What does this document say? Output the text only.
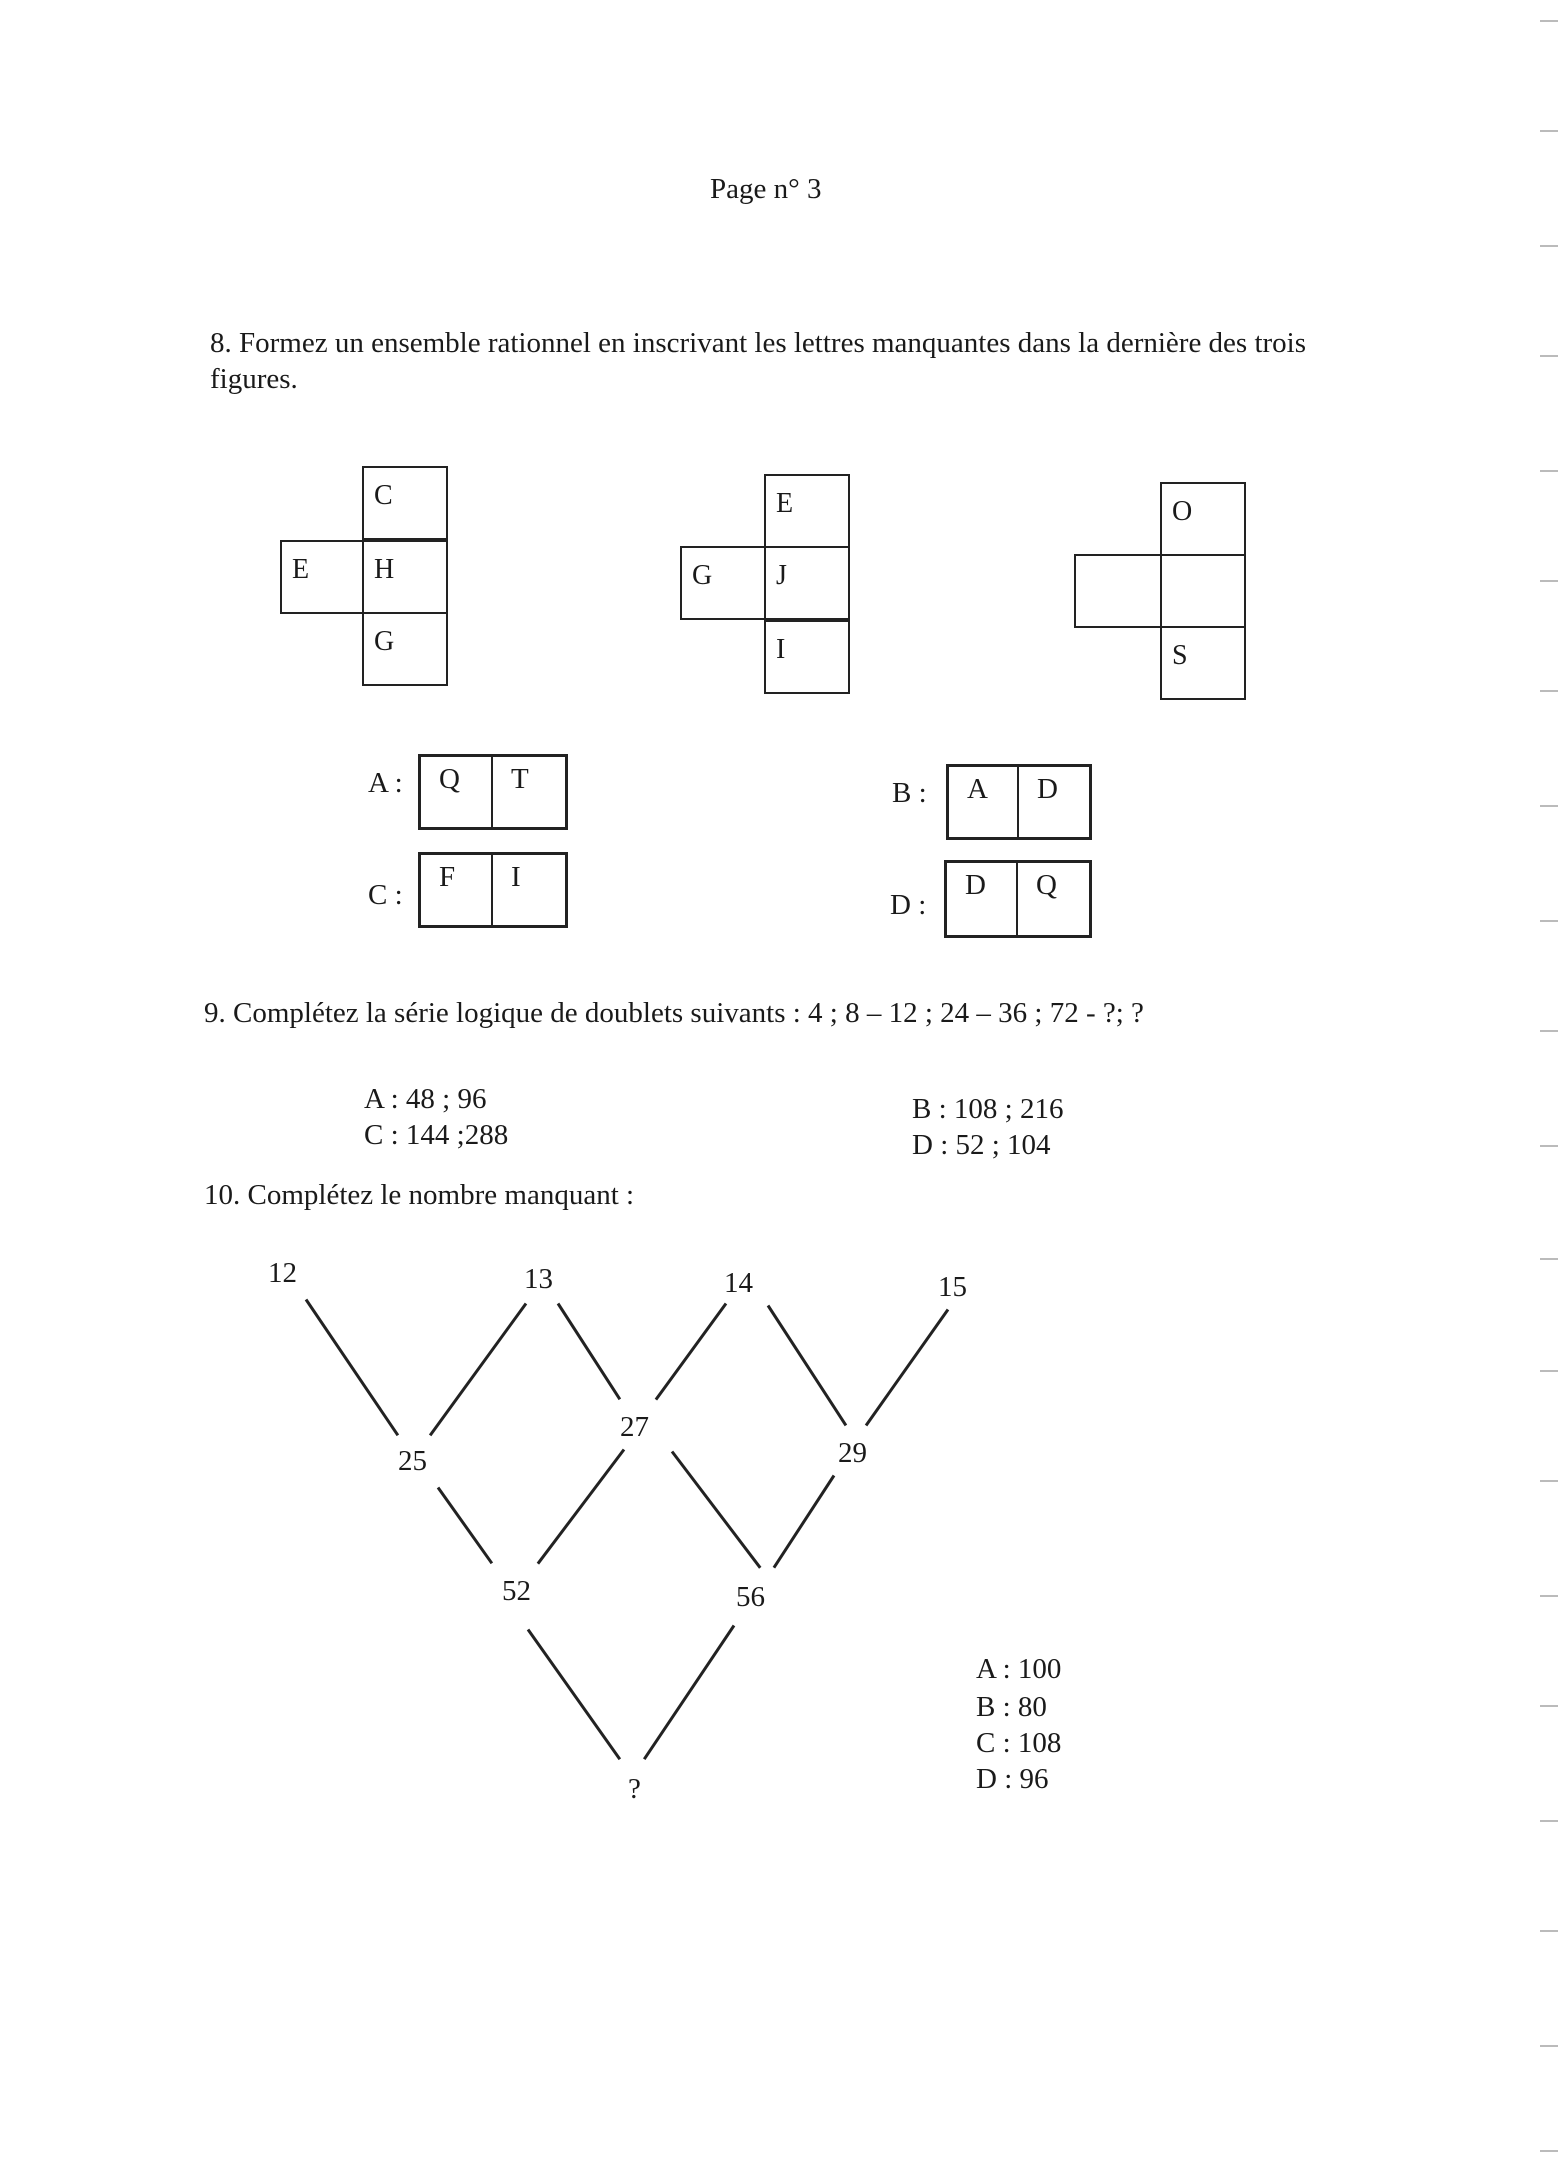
Page n° 3
8. Formez un ensemble rationnel en inscrivant les lettres manquantes dans la dernière des trois figures.
C
E	H
G
E
G	J
I
O
S
A :	Q	T	B :	A	D
C :
F	I
D :
D	Q
9. Complétez la série logique de doublets suivants : 4 ; 8 – 12 ; 24 – 36 ; 72 - ?; ?
A : 48 ; 96
C : 144 ;288
B : 108 ; 216
D : 52 ; 104
10. Complétez le nombre manquant :
12	13	14	15
25
27
29
52	56
?
A : 100
B : 80
C : 108
D : 96
